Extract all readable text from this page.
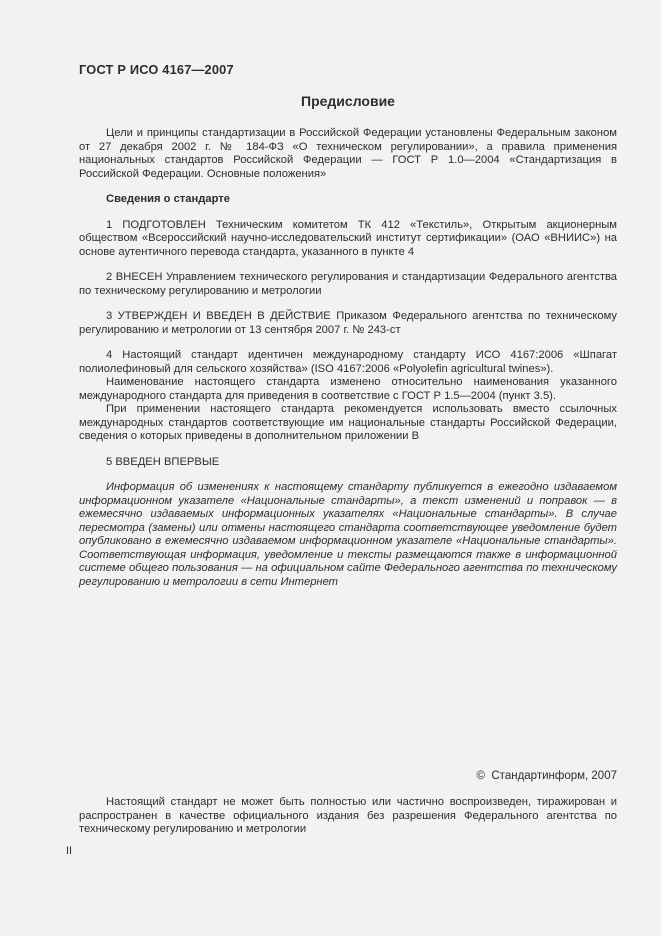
ГОСТ Р ИСО 4167—2007
Предисловие

Цели и принципы стандартизации в Российской Федерации установлены Федеральным законом от 27 декабря 2002 г. № 184-ФЗ «О техническом регулировании», а правила применения национальных стандартов Российской Федерации — ГОСТ Р 1.0—2004 «Стандартизация в Российской Федерации. Основные положения»

Сведения о стандарте

1 ПОДГОТОВЛЕН Техническим комитетом ТК 412 «Текстиль», Открытым акционерным обществом «Всероссийский научно-исследовательский институт сертификации» (ОАО «ВНИИС») на основе аутентичного перевода стандарта, указанного в пункте 4

2 ВНЕСЕН Управлением технического регулирования и стандартизации Федерального агентства по техническому регулированию и метрологии

3 УТВЕРЖДЕН И ВВЕДЕН В ДЕЙСТВИЕ Приказом Федерального агентства по техническому регулированию и метрологии от 13 сентября 2007 г. № 243-ст

4 Настоящий стандарт идентичен международному стандарту ИСО 4167:2006 «Шпагат полиолефиновый для сельского хозяйства» (ISO 4167:2006 «Polyolefin agricultural twines»).

Наименование настоящего стандарта изменено относительно наименования указанного международного стандарта для приведения в соответствие с ГОСТ Р 1.5—2004 (пункт 3.5).

При применении настоящего стандарта рекомендуется использовать вместо ссылочных международных стандартов соответствующие им национальные стандарты Российской Федерации, сведения о которых приведены в дополнительном приложении В

5 ВВЕДЕН ВПЕРВЫЕ

Информация об изменениях к настоящему стандарту публикуется в ежегодно издаваемом информационном указателе «Национальные стандарты», а текст изменений и поправок — в ежемесячно издаваемых информационных указателях «Национальные стандарты». В случае пересмотра (замены) или отмены настоящего стандарта соответствующее уведомление будет опубликовано в ежемесячно издаваемом информационном указателе «Национальные стандарты». Соответствующая информация, уведомление и тексты размещаются также в информационной системе общего пользования — на официальном сайте Федерального агентства по техническому регулированию и метрологии в сети Интернет

©  Стандартинформ, 2007

Настоящий стандарт не может быть полностью или частично воспроизведен, тиражирован и распространен в качестве официального издания без разрешения Федерального агентства по техническому регулированию и метрологии

II
